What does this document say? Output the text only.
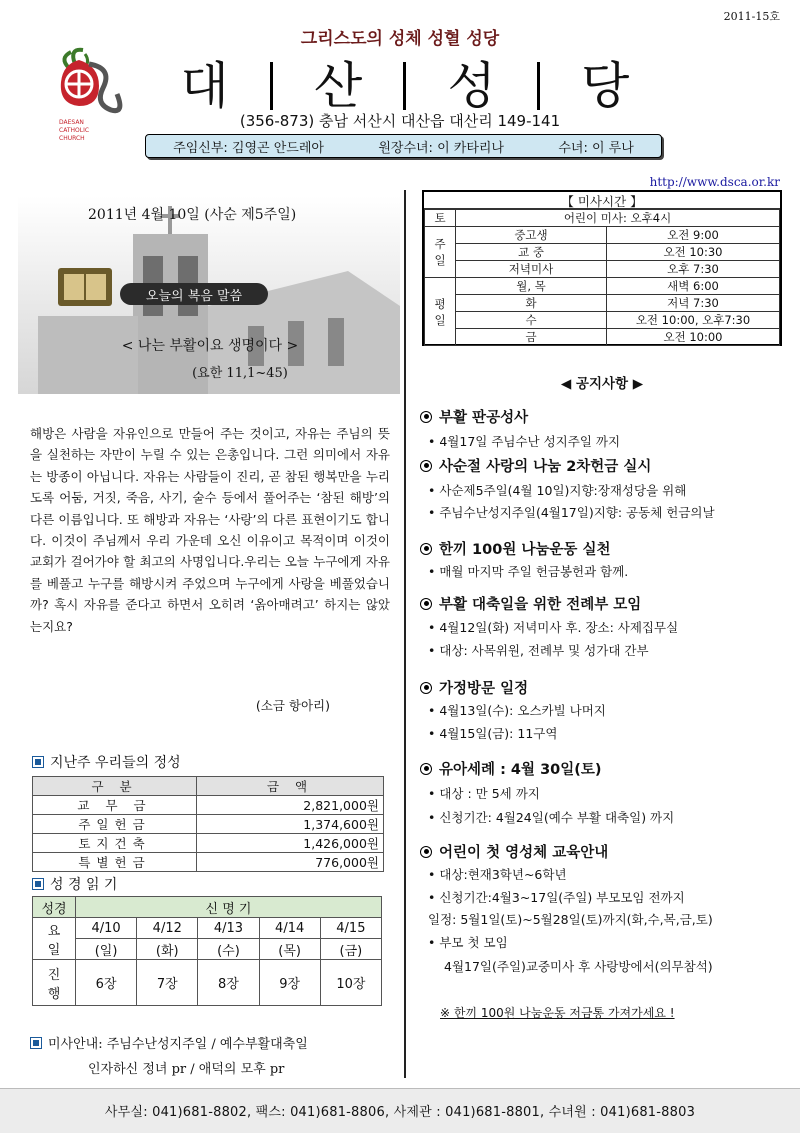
2011-15호
그리스도의 성체 성혈 성당
DAESAN
CATHOLIC
CHURCH
대 산 성 당
(356-873) 충남 서산시 대산읍 대산리 149-141
주임신부: 김영곤 안드레아	원장수녀: 이 카타리나	수녀: 이 루나
http://www.dsca.or.kr
2011년 4월 10일 (사순 제5주일)
오늘의 복음 말씀
< 나는 부활이요 생명이다 >
(요한 11,1~45)
해방은 사람을 자유인으로 만들어 주는 것이고, 자유는 주님의 뜻을 실천하는 자만이 누릴 수 있는 은총입니다. 그런 의미에서 자유는 방종이 아닙니다. 자유는 사람들이 진리, 곧 참된 행복만을 누리도록 어둠, 거짓, 죽음, 사기, 술수 등에서 풀어주는 ‘참된 해방’의 다른 이름입니다. 또 해방과 자유는 ‘사랑’의 다른 표현이기도 합니다. 이것이 주님께서 우리 가운데 오신 이유이고 목적이며 이것이 교회가 걸어가야 할 최고의 사명입니다.우리는 오늘 누구에게 자유를 베풀고 누구를 해방시켜 주었으며 누구에게 사랑을 베풀었습니까? 혹시 자유를 준다고 하면서 오히려 ‘옭아매려고’ 하지는 않았는지요?
(소금 항아리)
지난주 우리들의 정성
구 분	금 액
교 무 금	2,821,000원
주일헌금	1,374,600원
토지건축	1,426,000원
특별헌금	776,000원
성 경 읽 기
성경	신 명 기				
요
일	4/10	4/12	4/13	4/14	4/15
	(일)	(화)	(수)	(목)	(금)
진
행	6장	7장	8장	9장	10장
미사안내: 주님수난성지주일 / 예수부활대축일
인자하신 정녀 pr / 애덕의 모후 pr
【 미사시간 】
토	어린이 미사: 오후4시	
주
일	중고생	오전 9:00
	교 중	오전 10:30
	저녁미사	오후 7:30
평
일	월, 목	새벽 6:00
	화	저녁 7:30
	수	오전 10:00, 오후7:30
	금	오전 10:00
◀ 공지사항 ▶
부활 판공성사
• 4월17일 주님수난 성지주일 까지
사순절 사랑의 나눔 2차헌금 실시
• 사순제5주일(4월 10일)지향:장재성당을 위해
• 주님수난성지주일(4월17일)지향: 공동체 헌금의날
한끼 100원 나눔운동 실천
• 매월 마지막 주일 헌금봉헌과 함께.
부활 대축일을 위한 전례부 모임
• 4월12일(화) 저녁미사 후. 장소: 사제집무실
• 대상: 사목위원, 전례부 및 성가대 간부
가정방문 일정
• 4월13일(수): 오스카빌 나머지
• 4월15일(금): 11구역
유아세례 : 4월 30일(토)
• 대상 : 만 5세 까지
• 신청기간: 4월24일(예수 부활 대축일) 까지
어린이 첫 영성체 교육안내
• 대상:현재3학년~6학년
• 신청기간:4월3~17일(주일) 부모모임 전까지
일정: 5월1일(토)~5월28일(토)까지(화,수,목,금,토)
• 부모 첫 모임
4월17일(주일)교중미사 후 사랑방에서(의무참석)
※ 한끼 100원 나눔운동 저금통 가져가세요 !
사무실: 041)681-8802, 팩스: 041)681-8806, 사제관 : 041)681-8801, 수녀원 : 041)681-8803
